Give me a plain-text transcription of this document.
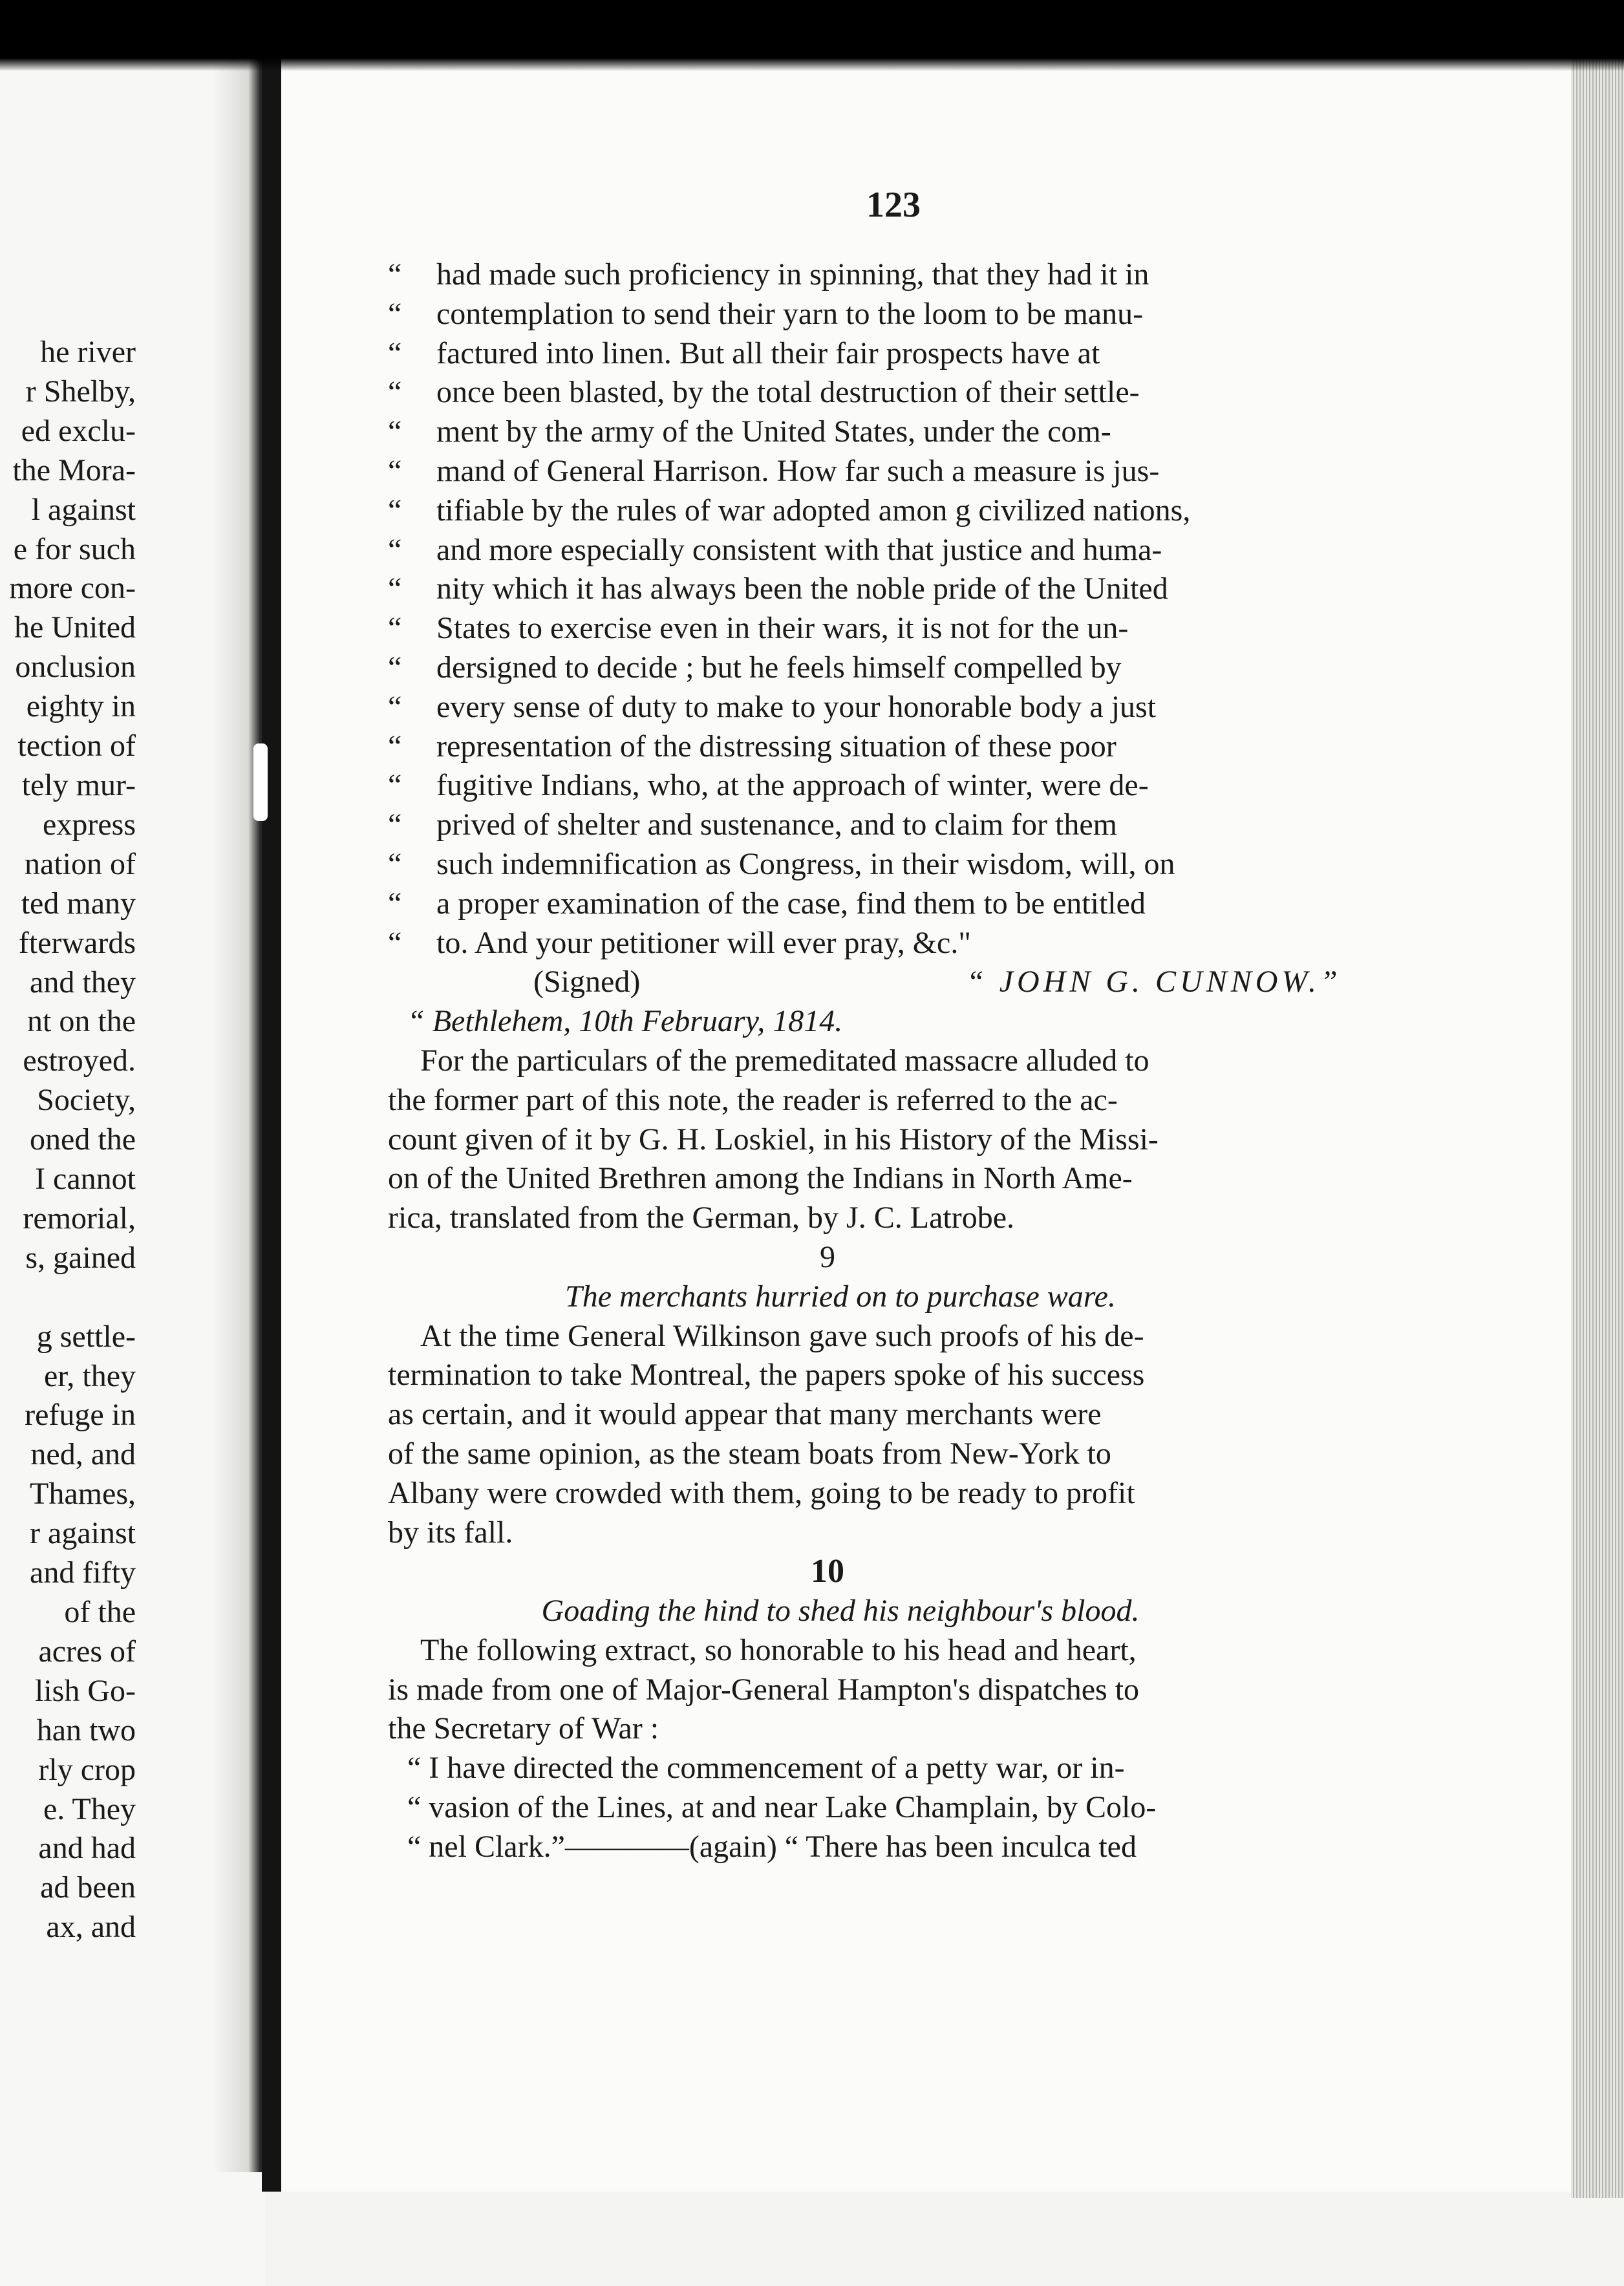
he river
r Shelby,
ed exclu-
the Mora-
l against
e for such
more con-
he United
onclusion
eighty in
tection of
tely mur-
express
nation of
ted many
fterwards
and they
nt on the
estroyed.
Society,
oned the
I cannot
remorial,
s, gained
g settle-
er, they
refuge in
ned, and
Thames,
r against
and fifty
of the
acres of
lish Go-
han two
rly crop
e. They
and had
ad been
ax, and
123
“ had made such proficiency in spinning, that they had it in
“ contemplation to send their yarn to the loom to be manu-
“ factured into linen. But all their fair prospects have at
“ once been blasted, by the total destruction of their settle-
“ ment by the army of the United States, under the com-
“ mand of General Harrison. How far such a measure is jus-
“ tifiable by the rules of war adopted amon g civilized nations,
“ and more especially consistent with that justice and huma-
“ nity which it has always been the noble pride of the United
“ States to exercise even in their wars, it is not for the un-
“ dersigned to decide ; but he feels himself compelled by
“ every sense of duty to make to your honorable body a just
“ representation of the distressing situation of these poor
“ fugitive Indians, who, at the approach of winter, were de-
“ prived of shelter and sustenance, and to claim for them
“ such indemnification as Congress, in their wisdom, will, on
“ a proper examination of the case, find them to be entitled
“ to. And your petitioner will ever pray, &c."
(Signed)	“ JOHN G. CUNNOW.”
“ Bethlehem, 10th February, 1814.
For the particulars of the premeditated massacre alluded to
the former part of this note, the reader is referred to the ac-
count given of it by G. H. Loskiel, in his History of the Missi-
on of the United Brethren among the Indians in North Ame-
rica, translated from the German, by J. C. Latrobe.
9
The merchants hurried on to purchase ware.
At the time General Wilkinson gave such proofs of his de-
termination to take Montreal, the papers spoke of his success
as certain, and it would appear that many merchants were
of the same opinion, as the steam boats from New-York to
Albany were crowded with them, going to be ready to profit
by its fall.
10
Goading the hind to shed his neighbour's blood.
The following extract, so honorable to his head and heart,
is made from one of Major-General Hampton's dispatches to
the Secretary of War :
“ I have directed the commencement of a petty war, or in-
“ vasion of the Lines, at and near Lake Champlain, by Colo-
“ nel Clark.”————(again) “ There has been inculca ted
